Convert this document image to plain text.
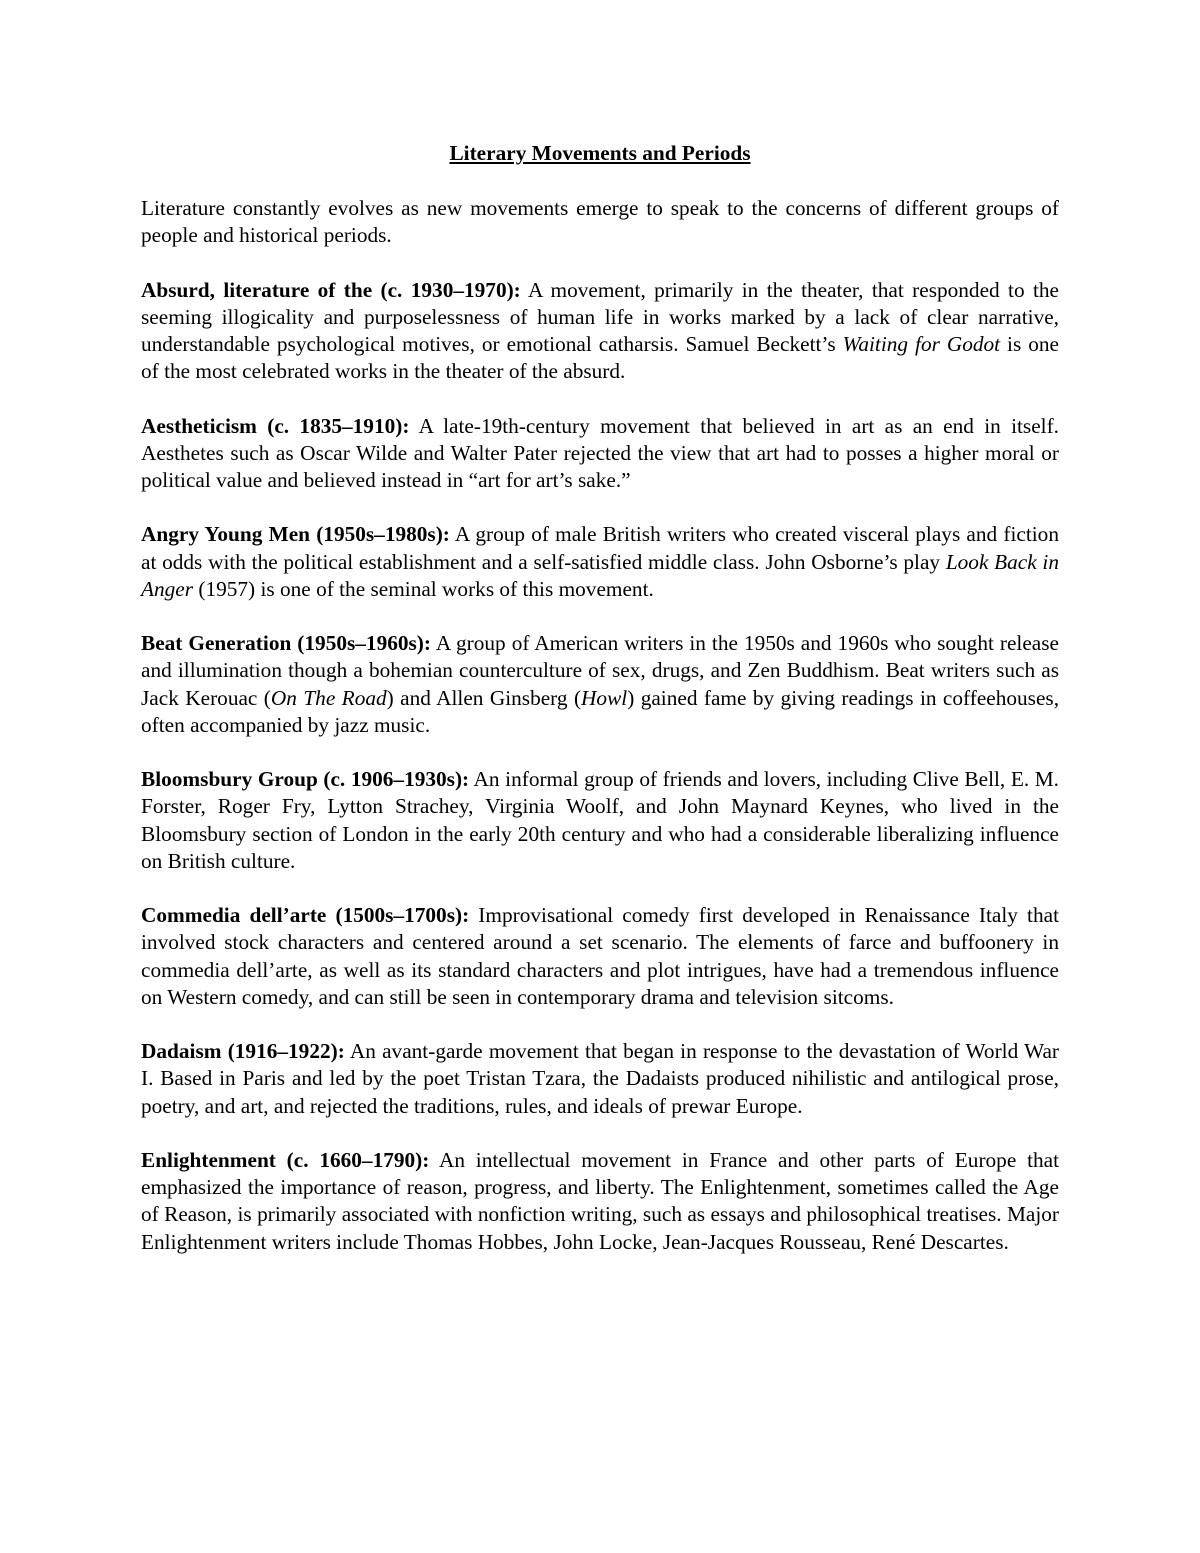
Literary Movements and Periods

Literature constantly evolves as new movements emerge to speak to the concerns of different groups of people and historical periods.

Absurd, literature of the (c. 1930–1970): A movement, primarily in the theater, that responded to the seeming illogicality and purposelessness of human life in works marked by a lack of clear narrative, understandable psychological motives, or emotional catharsis. Samuel Beckett’s Waiting for Godot is one of the most celebrated works in the theater of the absurd.

Aestheticism (c. 1835–1910): A late-19th-century movement that believed in art as an end in itself. Aesthetes such as Oscar Wilde and Walter Pater rejected the view that art had to posses a higher moral or political value and believed instead in “art for art’s sake.”

Angry Young Men (1950s–1980s): A group of male British writers who created visceral plays and fiction at odds with the political establishment and a self-satisfied middle class. John Osborne’s play Look Back in Anger (1957) is one of the seminal works of this movement.

Beat Generation (1950s–1960s): A group of American writers in the 1950s and 1960s who sought release and illumination though a bohemian counterculture of sex, drugs, and Zen Buddhism. Beat writers such as Jack Kerouac (On The Road) and Allen Ginsberg (Howl) gained fame by giving readings in coffeehouses, often accompanied by jazz music.

Bloomsbury Group (c. 1906–1930s): An informal group of friends and lovers, including Clive Bell, E. M. Forster, Roger Fry, Lytton Strachey, Virginia Woolf, and John Maynard Keynes, who lived in the Bloomsbury section of London in the early 20th century and who had a considerable liberalizing influence on British culture.

Commedia dell’arte (1500s–1700s): Improvisational comedy first developed in Renaissance Italy that involved stock characters and centered around a set scenario. The elements of farce and buffoonery in commedia dell’arte, as well as its standard characters and plot intrigues, have had a tremendous influence on Western comedy, and can still be seen in contemporary drama and television sitcoms.

Dadaism (1916–1922): An avant-garde movement that began in response to the devastation of World War I. Based in Paris and led by the poet Tristan Tzara, the Dadaists produced nihilistic and antilogical prose, poetry, and art, and rejected the traditions, rules, and ideals of prewar Europe.

Enlightenment (c. 1660–1790): An intellectual movement in France and other parts of Europe that emphasized the importance of reason, progress, and liberty. The Enlightenment, sometimes called the Age of Reason, is primarily associated with nonfiction writing, such as essays and philosophical treatises. Major Enlightenment writers include Thomas Hobbes, John Locke, Jean-Jacques Rousseau, René Descartes.
